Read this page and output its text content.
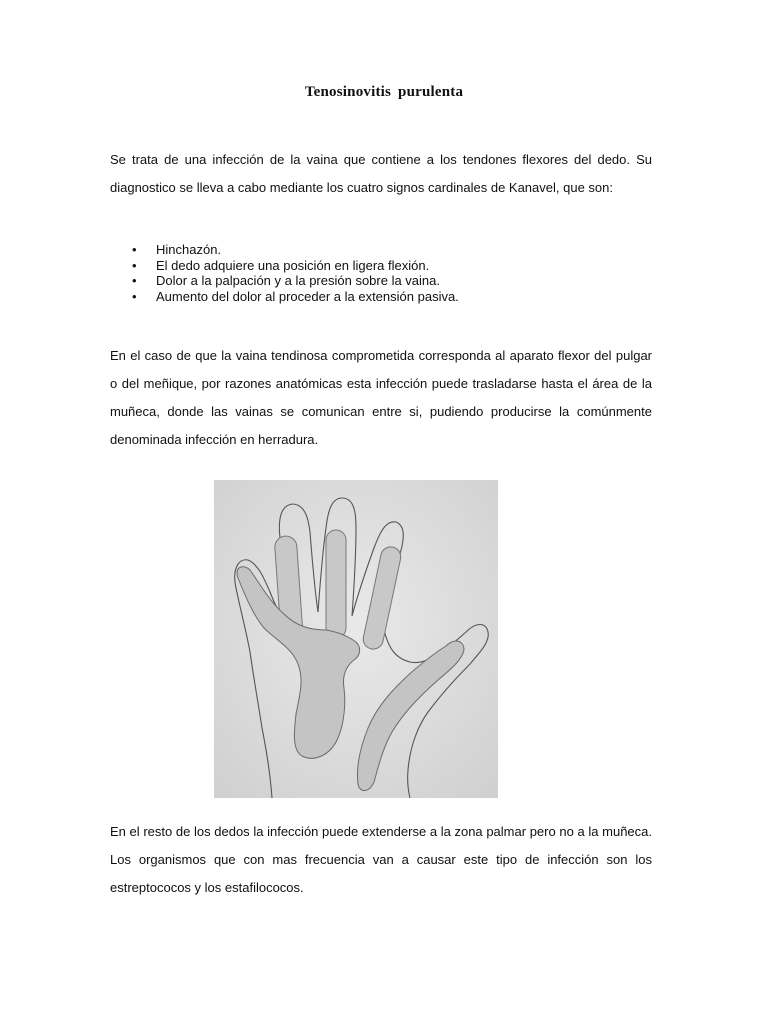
Tenosinovitis purulenta

Se trata de una infección de la vaina que contiene a los tendones flexores del dedo. Su diagnostico se lleva a cabo mediante los cuatro signos cardinales de Kanavel, que son:

• Hinchazón.
• El dedo adquiere una posición en ligera flexión.
• Dolor a la palpación y a la presión sobre la vaina.
• Aumento del dolor al proceder a la extensión pasiva.

En el caso de que la vaina tendinosa comprometida corresponda al aparato flexor del pulgar o del meñique, por razones anatómicas esta infección puede trasladarse hasta el área de la muñeca, donde las vainas se comunican entre si, pudiendo producirse la comúnmente denominada infección en herradura.

En el resto de los dedos la infección puede extenderse a la zona palmar pero no a la muñeca. Los organismos que con mas frecuencia van a causar este tipo de infección son los estreptococos y los estafilococos.
